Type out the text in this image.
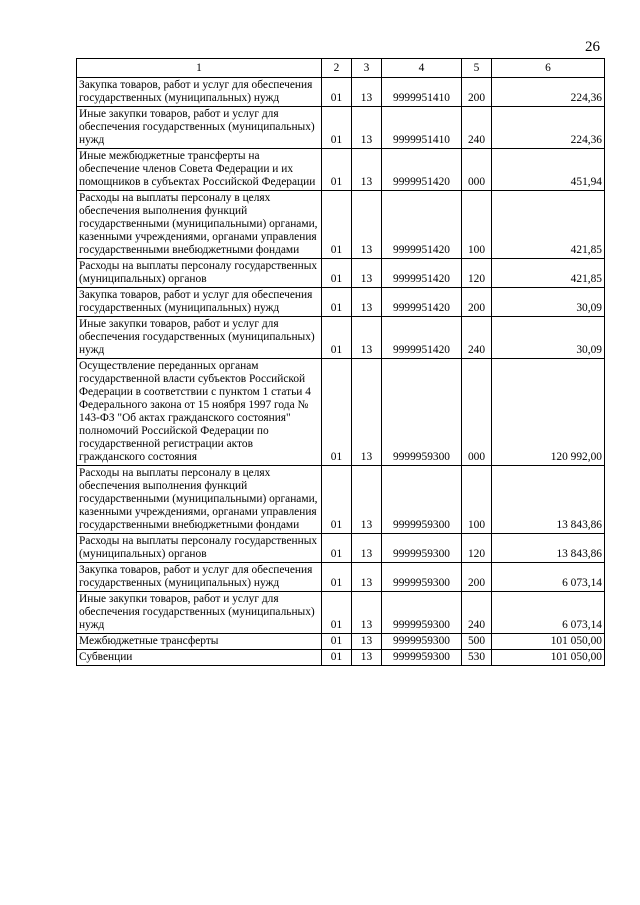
26
1	2	3	4	5	6
Закупка товаров, работ и услуг для обеспечения государственных (муниципальных) нужд	01	13	9999951410	200	224,36
Иные закупки товаров, работ и услуг для обеспечения государственных (муниципальных) нужд	01	13	9999951410	240	224,36
Иные межбюджетные трансферты на обеспечение членов Совета Федерации и их помощников в субъектах Российской Федерации	01	13	9999951420	000	451,94
Расходы на выплаты персоналу в целях обеспечения выполнения функций государственными (муниципальными) органами, казенными учреждениями, органами управления государственными внебюджетными фондами	01	13	9999951420	100	421,85
Расходы на выплаты персоналу государственных (муниципальных) органов	01	13	9999951420	120	421,85
Закупка товаров, работ и услуг для обеспечения государственных (муниципальных) нужд	01	13	9999951420	200	30,09
Иные закупки товаров, работ и услуг для обеспечения государственных (муниципальных) нужд	01	13	9999951420	240	30,09
Осуществление переданных органам государственной власти субъектов Российской Федерации в соответствии с пунктом 1 статьи 4 Федерального закона от 15 ноября 1997 года № 143-ФЗ "Об актах гражданского состояния" полномочий Российской Федерации по государственной регистрации актов гражданского состояния	01	13	9999959300	000	120 992,00
Расходы на выплаты персоналу в целях обеспечения выполнения функций государственными (муниципальными) органами, казенными учреждениями, органами управления государственными внебюджетными фондами	01	13	9999959300	100	13 843,86
Расходы на выплаты персоналу государственных (муниципальных) органов	01	13	9999959300	120	13 843,86
Закупка товаров, работ и услуг для обеспечения государственных (муниципальных) нужд	01	13	9999959300	200	6 073,14
Иные закупки товаров, работ и услуг для обеспечения государственных (муниципальных) нужд	01	13	9999959300	240	6 073,14
Межбюджетные трансферты	01	13	9999959300	500	101 050,00
Субвенции	01	13	9999959300	530	101 050,00
